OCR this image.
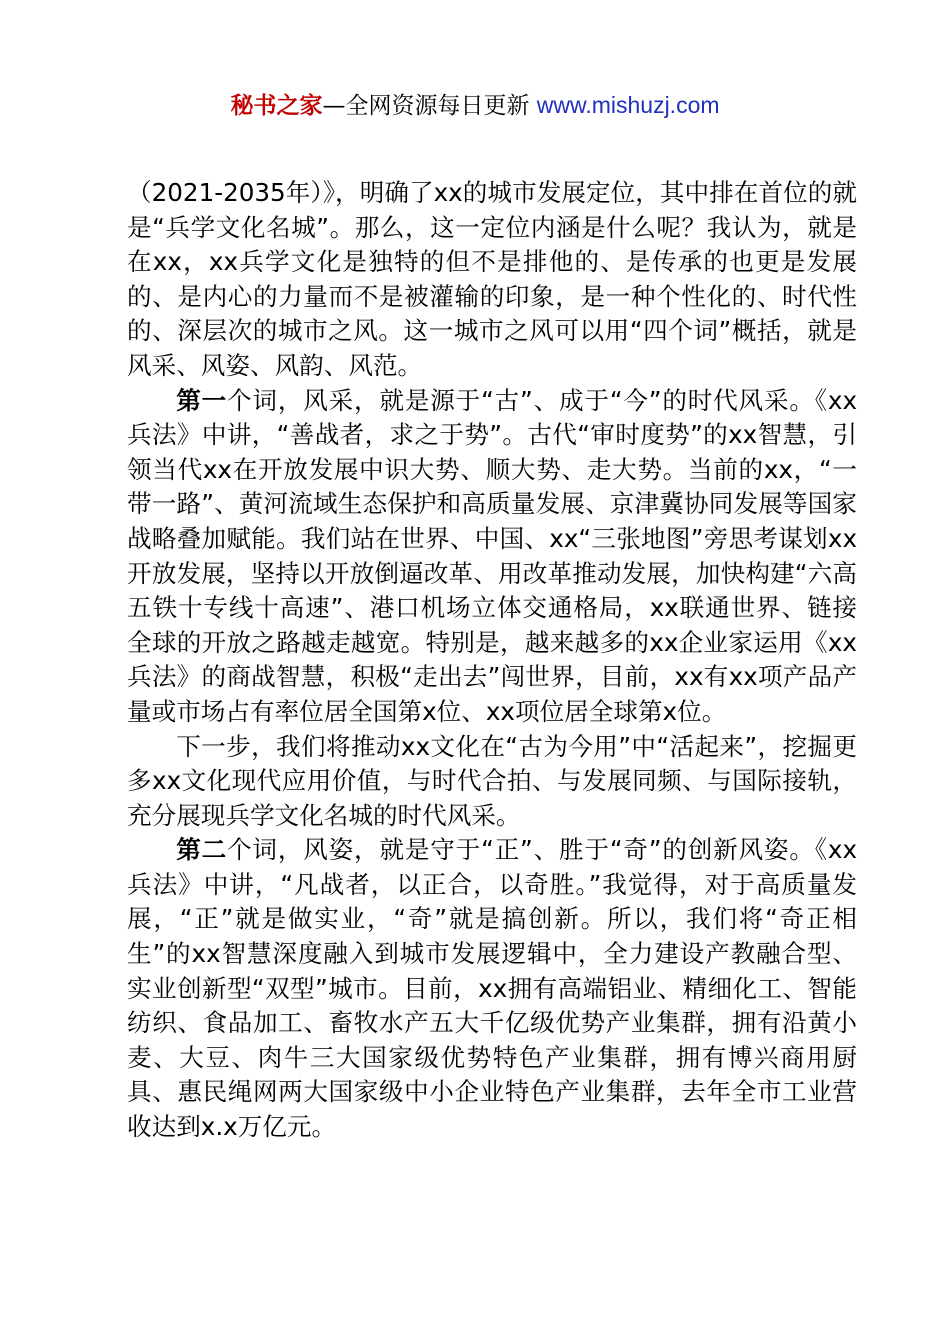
秘书之家—全网资源每日更新 www.mishuzj.com

（2021-2035年）》，明确了xx的城市发展定位，其中排在首位的就是“兵学文化名城”。那么，这一定位内涵是什么呢？我认为，就是在xx，xx兵学文化是独特的但不是排他的、是传承的也更是发展的、是内心的力量而不是被灌输的印象，是一种个性化的、时代性的、深层次的城市之风。这一城市之风可以用“四个词”概括，就是风采、风姿、风韵、风范。

第一个词，风采，就是源于“古”、成于“今”的时代风采。《xx兵法》中讲，“善战者，求之于势”。古代“审时度势”的xx智慧，引领当代xx在开放发展中识大势、顺大势、走大势。当前的xx，“一带一路”、黄河流域生态保护和高质量发展、京津冀协同发展等国家战略叠加赋能。我们站在世界、中国、xx“三张地图”旁思考谋划xx开放发展，坚持以开放倒逼改革、用改革推动发展，加快构建“六高五铁十专线十高速”、港口机场立体交通格局，xx联通世界、链接全球的开放之路越走越宽。特别是，越来越多的xx企业家运用《xx兵法》的商战智慧，积极“走出去”闯世界，目前，xx有xx项产品产量或市场占有率位居全国第x位、xx项位居全球第x位。

下一步，我们将推动xx文化在“古为今用”中“活起来”，挖掘更多xx文化现代应用价值，与时代合拍、与发展同频、与国际接轨，充分展现兵学文化名城的时代风采。

第二个词，风姿，就是守于“正”、胜于“奇”的创新风姿。《xx兵法》中讲，“凡战者，以正合，以奇胜。”我觉得，对于高质量发展，“正”就是做实业，“奇”就是搞创新。所以，我们将“奇正相生”的xx智慧深度融入到城市发展逻辑中，全力建设产教融合型、实业创新型“双型”城市。目前，xx拥有高端铝业、精细化工、智能纺织、食品加工、畜牧水产五大千亿级优势产业集群，拥有沿黄小麦、大豆、肉牛三大国家级优势特色产业集群，拥有博兴商用厨具、惠民绳网两大国家级中小企业特色产业集群，去年全市工业营收达到x.x万亿元。
